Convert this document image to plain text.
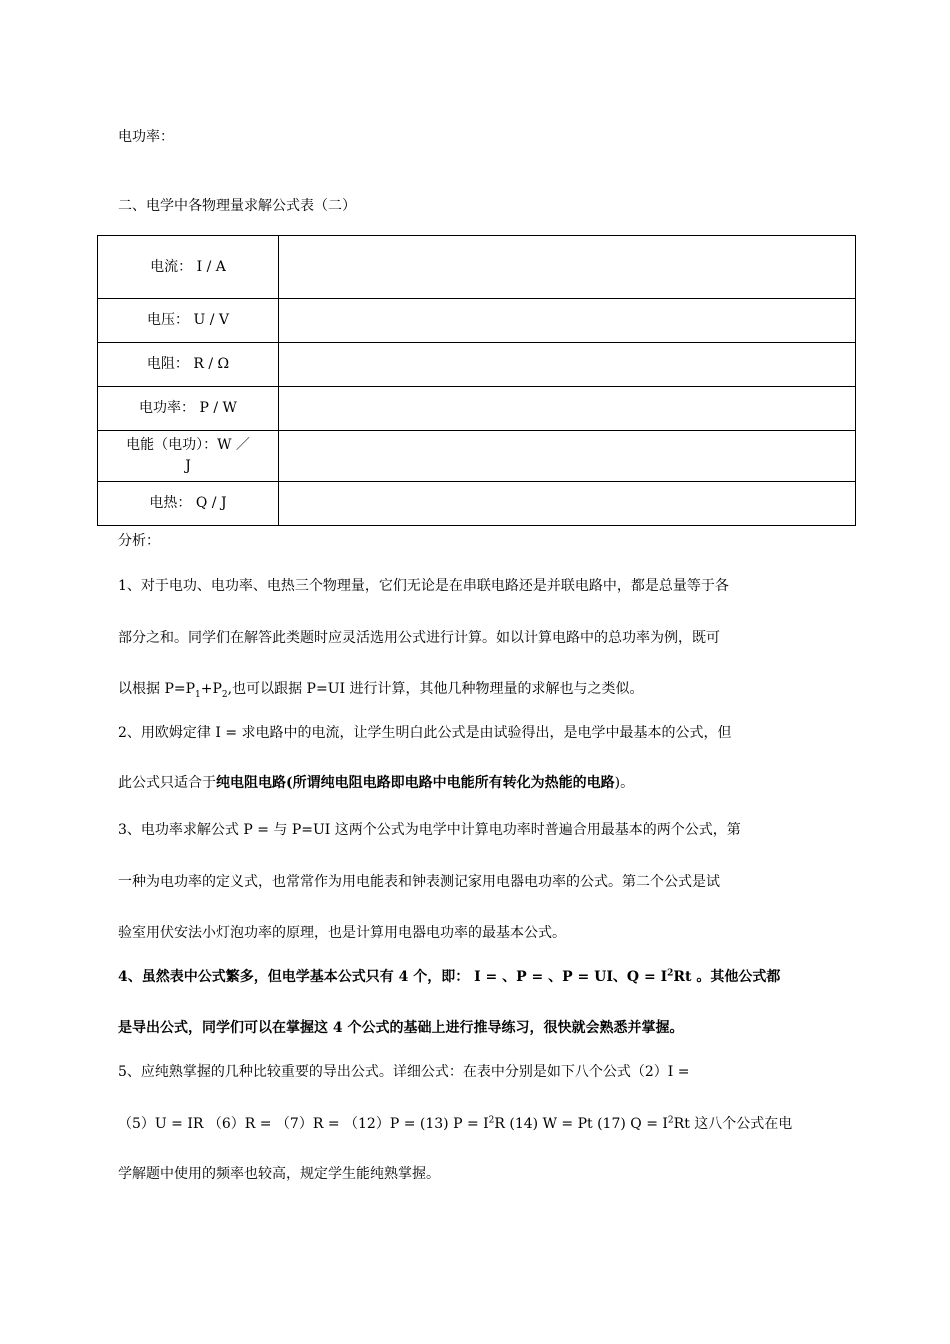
电功率：
二、电学中各物理量求解公式表（二）
电流： I / A	
电压： U / V	
电阻： R / Ω	
电功率： P / W	
电能（电功）：W ／
J	
电热： Q / J	
分析：
1、对于电功、电功率、电热三个物理量，它们无论是在串联电路还是并联电路中，都是总量等于各
部分之和。同学们在解答此类题时应灵活选用公式进行计算。如以计算电路中的总功率为例，既可
以根据 $P=P_1+P_2$,也可以跟据 P=UI 进行计算，其他几种物理量的求解也与之类似。
2、用欧姆定律 I = 求电路中的电流，让学生明白此公式是由试验得出，是电学中最基本的公式，但
此公式只适合于纯电阻电路(所谓纯电阻电路即电路中电能所有转化为热能的电路)。
3、电功率求解公式 P = 与 P=UI 这两个公式为电学中计算电功率时普遍合用最基本的两个公式，第
一种为电功率的定义式，也常常作为用电能表和钟表测记家用电器电功率的公式。第二个公式是试
验室用伏安法小灯泡功率的原理，也是计算用电器电功率的最基本公式。
4、虽然表中公式繁多，但电学基本公式只有 4 个，即： I = 、P = 、P = UI、$Q = I^2Rt$ 。其他公式都
是导出公式，同学们可以在掌握这 4 个公式的基础上进行推导练习，很快就会熟悉并掌握。
5、应纯熟掌握的几种比较重要的导出公式。详细公式：在表中分别是如下八个公式（2）I =
（5）U = IR （6）R = （7）R = （12）P = (13) $P = I^2R$ (14) W = Pt (17) $Q = I^2Rt$ 这八个公式在电
学解题中使用的频率也较高，规定学生能纯熟掌握。
